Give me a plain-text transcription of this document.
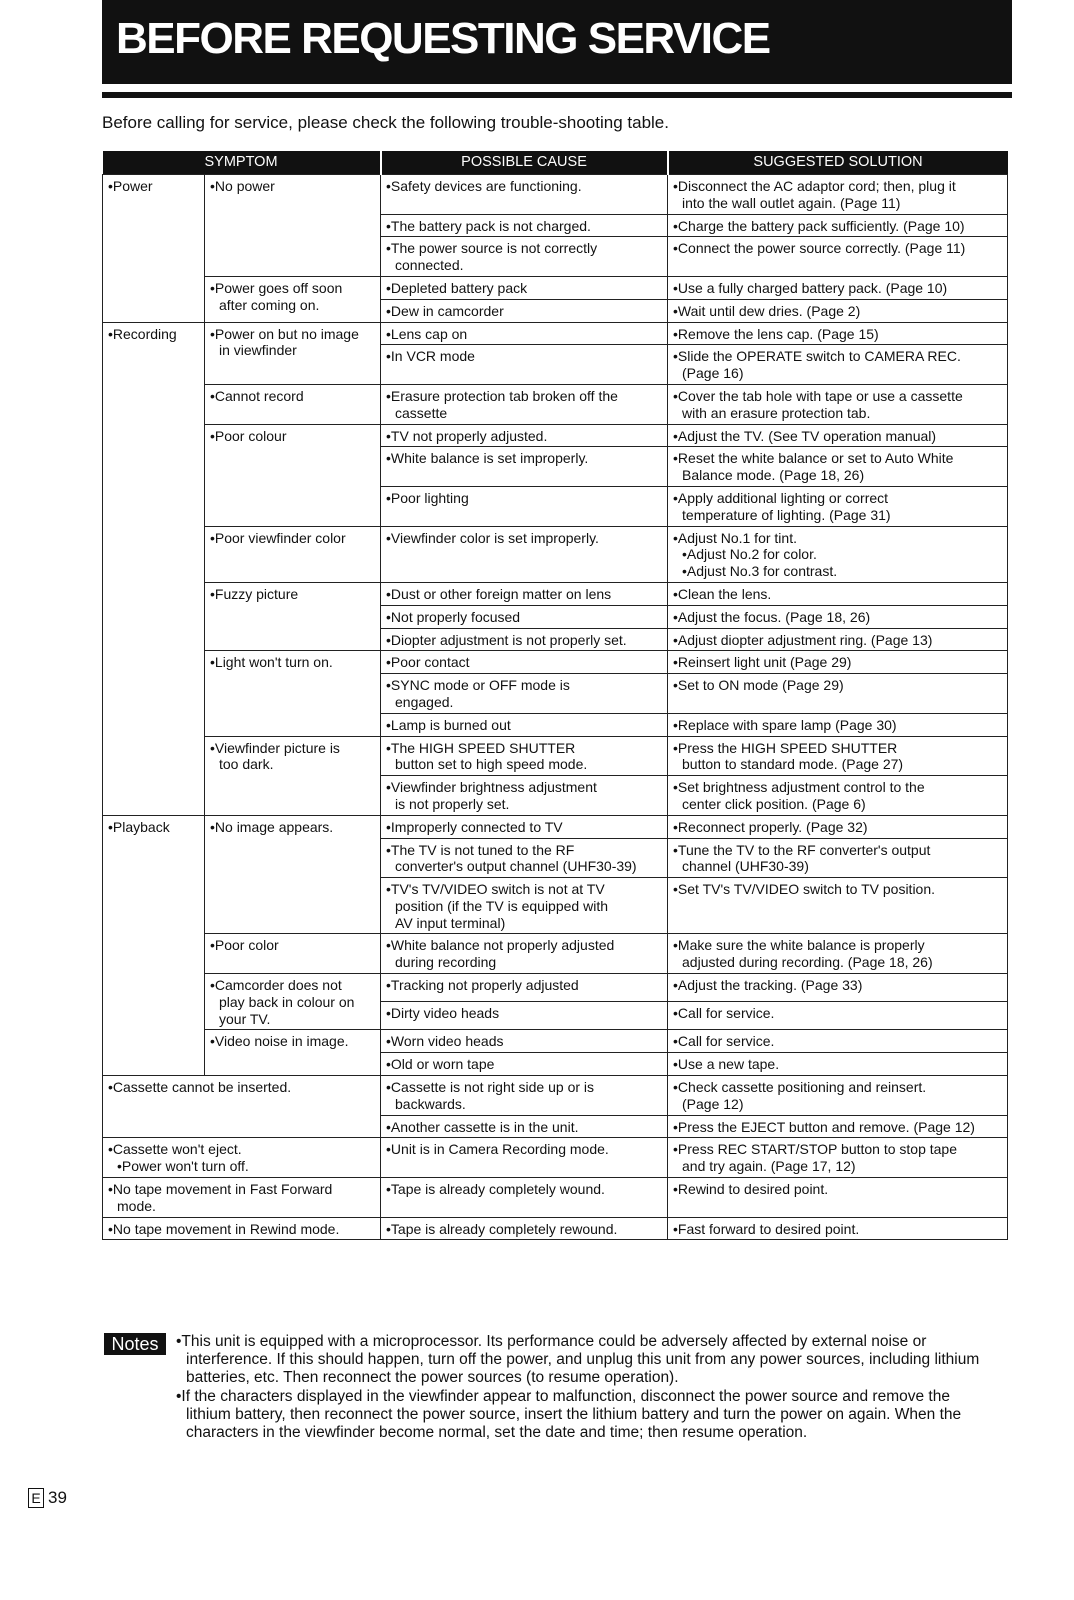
BEFORE REQUESTING SERVICE
Before calling for service, please check the following trouble-shooting table.
SYMPTOM		POSSIBLE CAUSE	SUGGESTED SOLUTION

•Power	•No power	•Safety devices are functioning.	•Disconnect the AC adaptor cord; then, plug it
into the wall outlet again. (Page 11)

		•The battery pack is not charged.	•Charge the battery pack sufficiently. (Page 10)

		•The power source is not correctly
connected.	•Connect the power source correctly. (Page 11)

	•Power goes off soon
after coming on.	•Depleted battery pack	•Use a fully charged battery pack. (Page 10)

		•Dew in camcorder	•Wait until dew dries. (Page 2)

•Recording	•Power on but no image
in viewfinder	•Lens cap on	•Remove the lens cap. (Page 15)

		•In VCR mode	•Slide the OPERATE switch to CAMERA REC.
(Page 16)

	•Cannot record	•Erasure protection tab broken off the
cassette	•Cover the tab hole with tape or use a cassette
with an erasure protection tab.

	•Poor colour	•TV not properly adjusted.	•Adjust the TV. (See TV operation manual)

		•White balance is set improperly.	•Reset the white balance or set to Auto White
Balance mode. (Page 18, 26)

		•Poor lighting	•Apply additional lighting or correct
temperature of lighting. (Page 31)

	•Poor viewfinder color	•Viewfinder color is set improperly.	•Adjust No.1 for tint.
•Adjust No.2 for color.
•Adjust No.3 for contrast.

	•Fuzzy picture	•Dust or other foreign matter on lens	•Clean the lens.

		•Not properly focused	•Adjust the focus. (Page 18, 26)

		•Diopter adjustment is not properly set.	•Adjust diopter adjustment ring. (Page 13)

	•Light won't turn on.	•Poor contact	•Reinsert light unit (Page 29)

		•SYNC mode or OFF mode is
engaged.	•Set to ON mode (Page 29)

		•Lamp is burned out	•Replace with spare lamp (Page 30)

	•Viewfinder picture is
too dark.	•The HIGH SPEED SHUTTER
button set to high speed mode.	•Press the HIGH SPEED SHUTTER
button to standard mode. (Page 27)

		•Viewfinder brightness adjustment
is not properly set.	•Set brightness adjustment control to the
center click position. (Page 6)

•Playback	•No image appears.	•Improperly connected to TV	•Reconnect properly. (Page 32)

		•The TV is not tuned to the RF
converter's output channel (UHF30-39)	•Tune the TV to the RF converter's output
channel (UHF30-39)

		•TV's TV/VIDEO switch is not at TV
position (if the TV is equipped with
AV input terminal)	•Set TV's TV/VIDEO switch to TV position.

	•Poor color	•White balance not properly adjusted
during recording	•Make sure the white balance is properly
adjusted during recording. (Page 18, 26)

	•Camcorder does not
play back in colour on
your TV.	•Tracking not properly adjusted	•Adjust the tracking. (Page 33)

		•Dirty video heads	•Call for service.

	•Video noise in image.	•Worn video heads	•Call for service.

		•Old or worn tape	•Use a new tape.

•Cassette cannot be inserted.		•Cassette is not right side up or is
backwards.	•Check cassette positioning and reinsert.
(Page 12)

		•Another cassette is in the unit.	•Press the EJECT button and remove. (Page 12)

•Cassette won't eject.
•Power won't turn off.		•Unit is in Camera Recording mode.	•Press REC START/STOP button to stop tape
and try again. (Page 17, 12)

•No tape movement in Fast Forward
mode.		•Tape is already completely wound.	•Rewind to desired point.

•No tape movement in Rewind mode.		•Tape is already completely rewound.	•Fast forward to desired point.
Notes	•This unit is equipped with a microprocessor. Its performance could be adversely affected by external noise or interference. If this should happen, turn off the power, and unplug this unit from any power sources, including lithium batteries, etc. Then reconnect the power sources (to resume operation).
•If the characters displayed in the viewfinder appear to malfunction, disconnect the power source and remove the lithium battery, then reconnect the power source, insert the lithium battery and turn the power on again. When the characters in the viewfinder become normal, set the date and time; then resume operation.
E 39
